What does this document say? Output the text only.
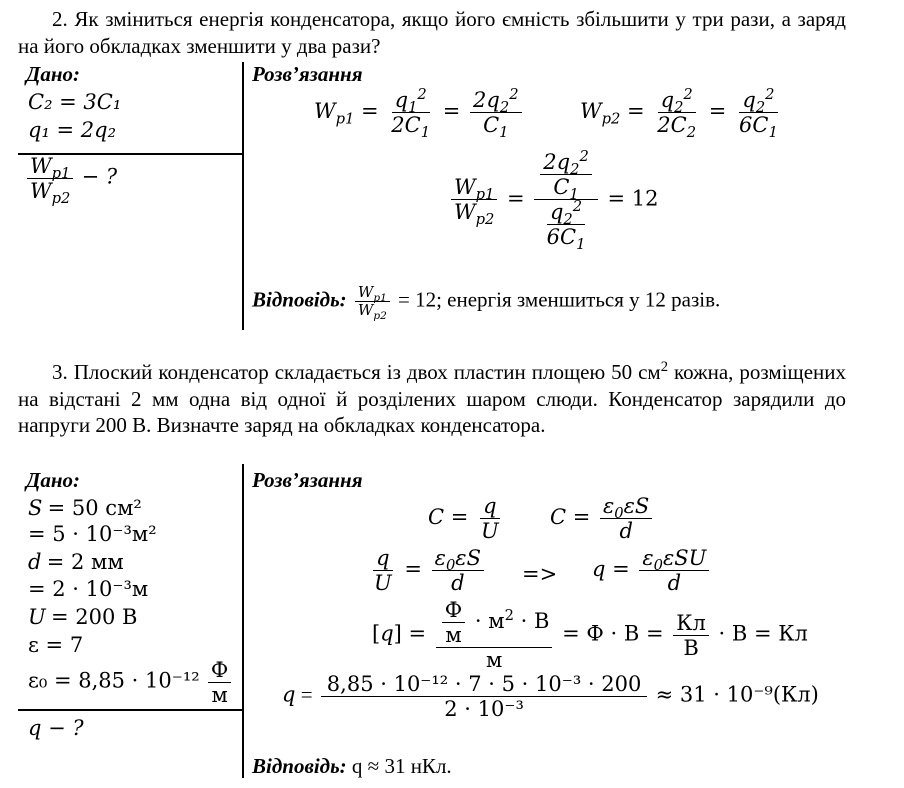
2. Як зміниться енергія конденсатора, якщо його ємність збільшити у три рази, а заряд на його обкладках зменшити у два рази?
Дано:
C₂ = 3C₁
q₁ = 2q₂
$\frac{W_{p1}}{W_{p2}}$ − ?
Розв’язання
$W_{p1} = \frac{q_1^2}{2C_1} = \frac{2q_2^2}{C_1}$	$W_{p2} = \frac{q_2^2}{2C_2} = \frac{q_2^2}{6C_1}$
$\frac{W_{p1}}{W_{p2}} = \frac{\frac{2q_2^2}{C_1}}{\frac{q_2^2}{6C_1}} = 12$
Відповідь: $\frac{W_{p1}}{W_{p2}} = 12$; енергія зменшиться у 12 разів.
3. Плоский конденсатор складається із двох пластин площею 50 $см^2$ кожна, розміщених на відстані 2 мм одна від одної й розділених шаром слюди. Конденсатор зарядили до напруги 200 В. Визначте заряд на обкладках конденсатора.
Дано:
S = 50 см²
= 5 · 10⁻³м²
d = 2 мм
= 2 · 10⁻³м
U = 200 В
ε = 7
$\varepsilon_0 = 8,85 \cdot 10^{-12} \frac{Ф}{м}$
q − ?
Розв’язання
$C = \frac{q}{U}$ $C = \frac{\varepsilon_0\varepsilon S}{d}$
$\frac{q}{U} = \frac{\varepsilon_0\varepsilon S}{d} => q = \frac{\varepsilon_0\varepsilon SU}{d}$
$[q] = \frac{\frac{Ф}{м} \cdot м^2 \cdot В}{м} = Ф \cdot В = \frac{Кл}{В} \cdot В$ = Кл
$q = \frac{\text{8,85 · 10⁻¹² · 7 · 5 · 10⁻³ · 200}}{\text{2 · 10⁻³}} \approx 31 \cdot 10^{-9}(Кл)$
Відповідь: q ≈ 31 нКл.
